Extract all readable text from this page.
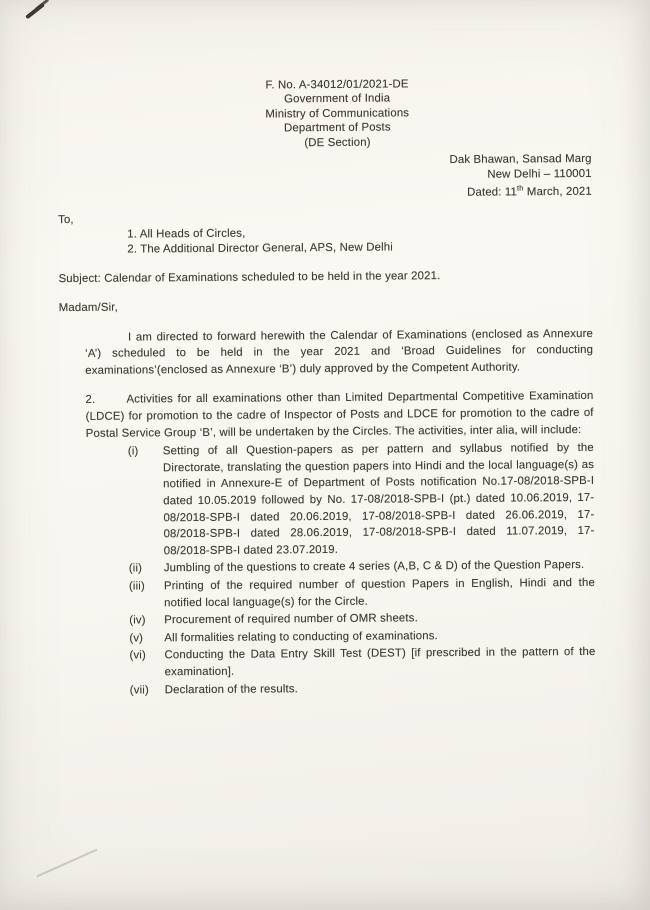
F. No. A-34012/01/2021-DE
Government of India
Ministry of Communications
Department of Posts
(DE Section)
Dak Bhawan, Sansad Marg
New Delhi – 110001
Dated: 11th March, 2021
To,
1. All Heads of Circles,
2. The Additional Director General, APS, New Delhi
Subject: Calendar of Examinations scheduled to be held in the year 2021.
Madam/Sir,
I am directed to forward herewith the Calendar of Examinations (enclosed as Annexure ‘A’) scheduled to be held in the year 2021 and ‘Broad Guidelines for conducting examinations’(enclosed as Annexure ‘B’) duly approved by the Competent Authority.
2.	Activities for all examinations other than Limited Departmental Competitive Examination (LDCE) for promotion to the cadre of Inspector of Posts and LDCE for promotion to the cadre of Postal Service Group ‘B’, will be undertaken by the Circles. The activities, inter alia, will include:
(i)	Setting of all Question-papers as per pattern and syllabus notified by the Directorate, translating the question papers into Hindi and the local language(s) as notified in Annexure-E of Department of Posts notification No.17-08/2018-SPB-I dated 10.05.2019 followed by No. 17-08/2018-SPB-I (pt.) dated 10.06.2019, 17-08/2018-SPB-I dated 20.06.2019, 17-08/2018-SPB-I dated 26.06.2019, 17-08/2018-SPB-I dated 28.06.2019, 17-08/2018-SPB-I dated 11.07.2019, 17-08/2018-SPB-I dated 23.07.2019.
(ii)	Jumbling of the questions to create 4 series (A,B, C & D) of the Question Papers.
(iii)	Printing of the required number of question Papers in English, Hindi and the notified local language(s) for the Circle.
(iv)	Procurement of required number of OMR sheets.
(v)	All formalities relating to conducting of examinations.
(vi)	Conducting the Data Entry Skill Test (DEST) [if prescribed in the pattern of the examination].
(vii)	Declaration of the results.
